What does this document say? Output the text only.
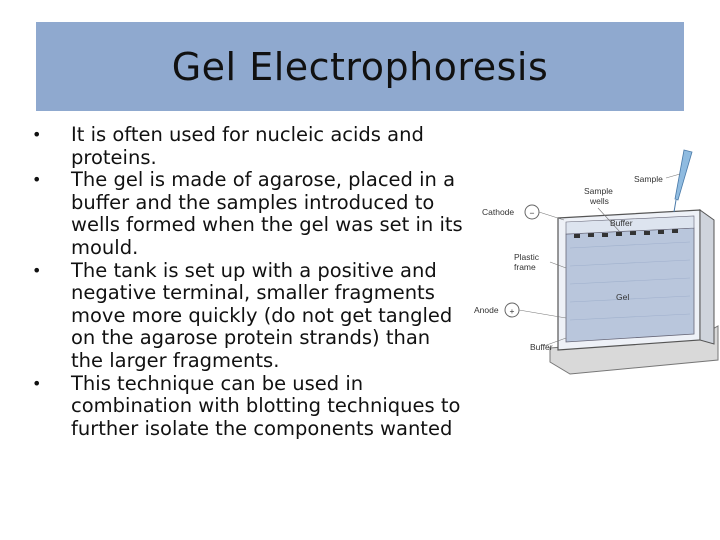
Gel Electrophoresis
• It is often used for nucleic acids and proteins.
• The gel is made of agarose, placed in a buffer and the samples introduced to wells formed when the gel was set in its mould.
• The tank is set up with a positive and negative terminal, smaller fragments move more quickly (do not get tangled on the agarose protein strands) than the larger fragments.
• This technique can be used in combination with blotting techniques to further isolate the components wanted
−
+
Sample
Sample
wells
Cathode
Buffer
Plastic
frame
Anode
Gel
Buffer
